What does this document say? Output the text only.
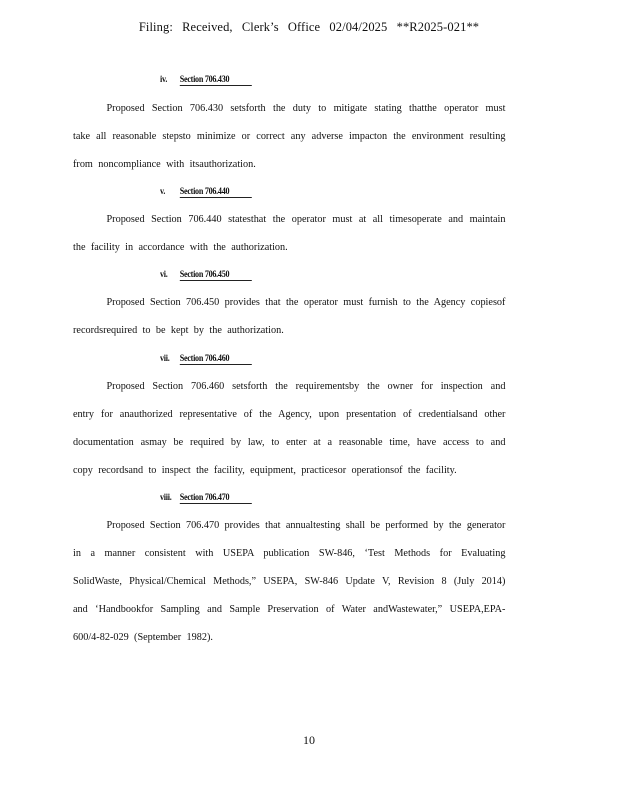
Filing: Received, Clerk’s Office 02/04/2025 **R2025-021**
iv. Section 706.430
Proposed Section 706.430 setsforth the duty to mitigate stating thatthe operator must take all reasonable stepsto minimize or correct any adverse impacton the environment resulting from noncompliance with itsauthorization.
v. Section 706.440
Proposed Section 706.440 statesthat the operator must at all timesoperate and maintain the facility in accordance with the authorization.
vi. Section 706.450
Proposed Section 706.450 provides that the operator must furnish to the Agency copiesof recordsrequired to be kept by the authorization.
vii. Section 706.460
Proposed Section 706.460 setsforth the requirementsby the owner for inspection and entry for anauthorized representative of the Agency, upon presentation of credentialsand other documentation asmay be required by law, to enter at a reasonable time, have access to and copy recordsand to inspect the facility, equipment, practicesor operationsof the facility.
viii. Section 706.470
Proposed Section 706.470 provides that annualtesting shall be performed by the generator in a manner consistent with USEPA publication SW-846, ‘Test Methods for Evaluating SolidWaste, Physical/Chemical Methods,” USEPA, SW-846 Update V, Revision 8 (July 2014) and ‘Handbookfor Sampling and Sample Preservation of Water andWastewater,” USEPA,EPA-600/4-82-029 (September 1982).
10
